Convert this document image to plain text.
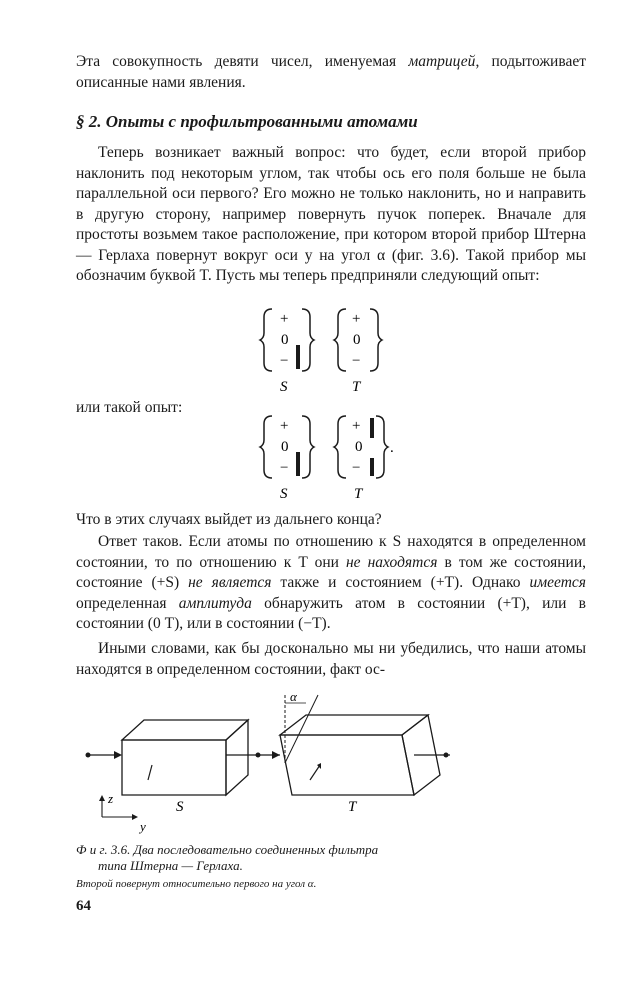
Эта совокупность девяти чисел, именуемая матрицей, подытоживает описанные нами явления.

§ 2. Опыты с профильтрованными атомами

Теперь возникает важный вопрос: что будет, если второй прибор наклонить под некоторым углом, так чтобы ось его поля больше не была параллельной оси первого? Его можно не только наклонить, но и направить в другую сторону, например повернуть пучок поперек. Вначале для простоты возьмем такое расположение, при котором второй прибор Штерна — Герлаха повернут вокруг оси y на угол α (фиг. 3.6). Такой прибор мы обозначим буквой T. Пусть мы теперь предприняли следующий опыт:

+
0
−
+
0
−
S	T

или такой опыт:

+
0
−
+
0
−
.
S	T

Что в этих случаях выйдет из дальнего конца?

Ответ таков. Если атомы по отношению к S находятся в определенном состоянии, то по отношению к T они не находятся в том же состоянии, состояние (+S) не является также и состоянием (+T). Однако имеется определенная амплитуда обнаружить атом в состоянии (+T), или в состоянии (0 T), или в состоянии (−T).

Иными словами, как бы досконально мы ни убедились, что наши атомы находятся в определенном состоянии, факт ос-

α
z
y
S	T

Ф и г. 3.6. Два последовательно соединенных фильтра

типа Штерна — Герлаха.

Второй повернут относительно первого на угол α.

64
